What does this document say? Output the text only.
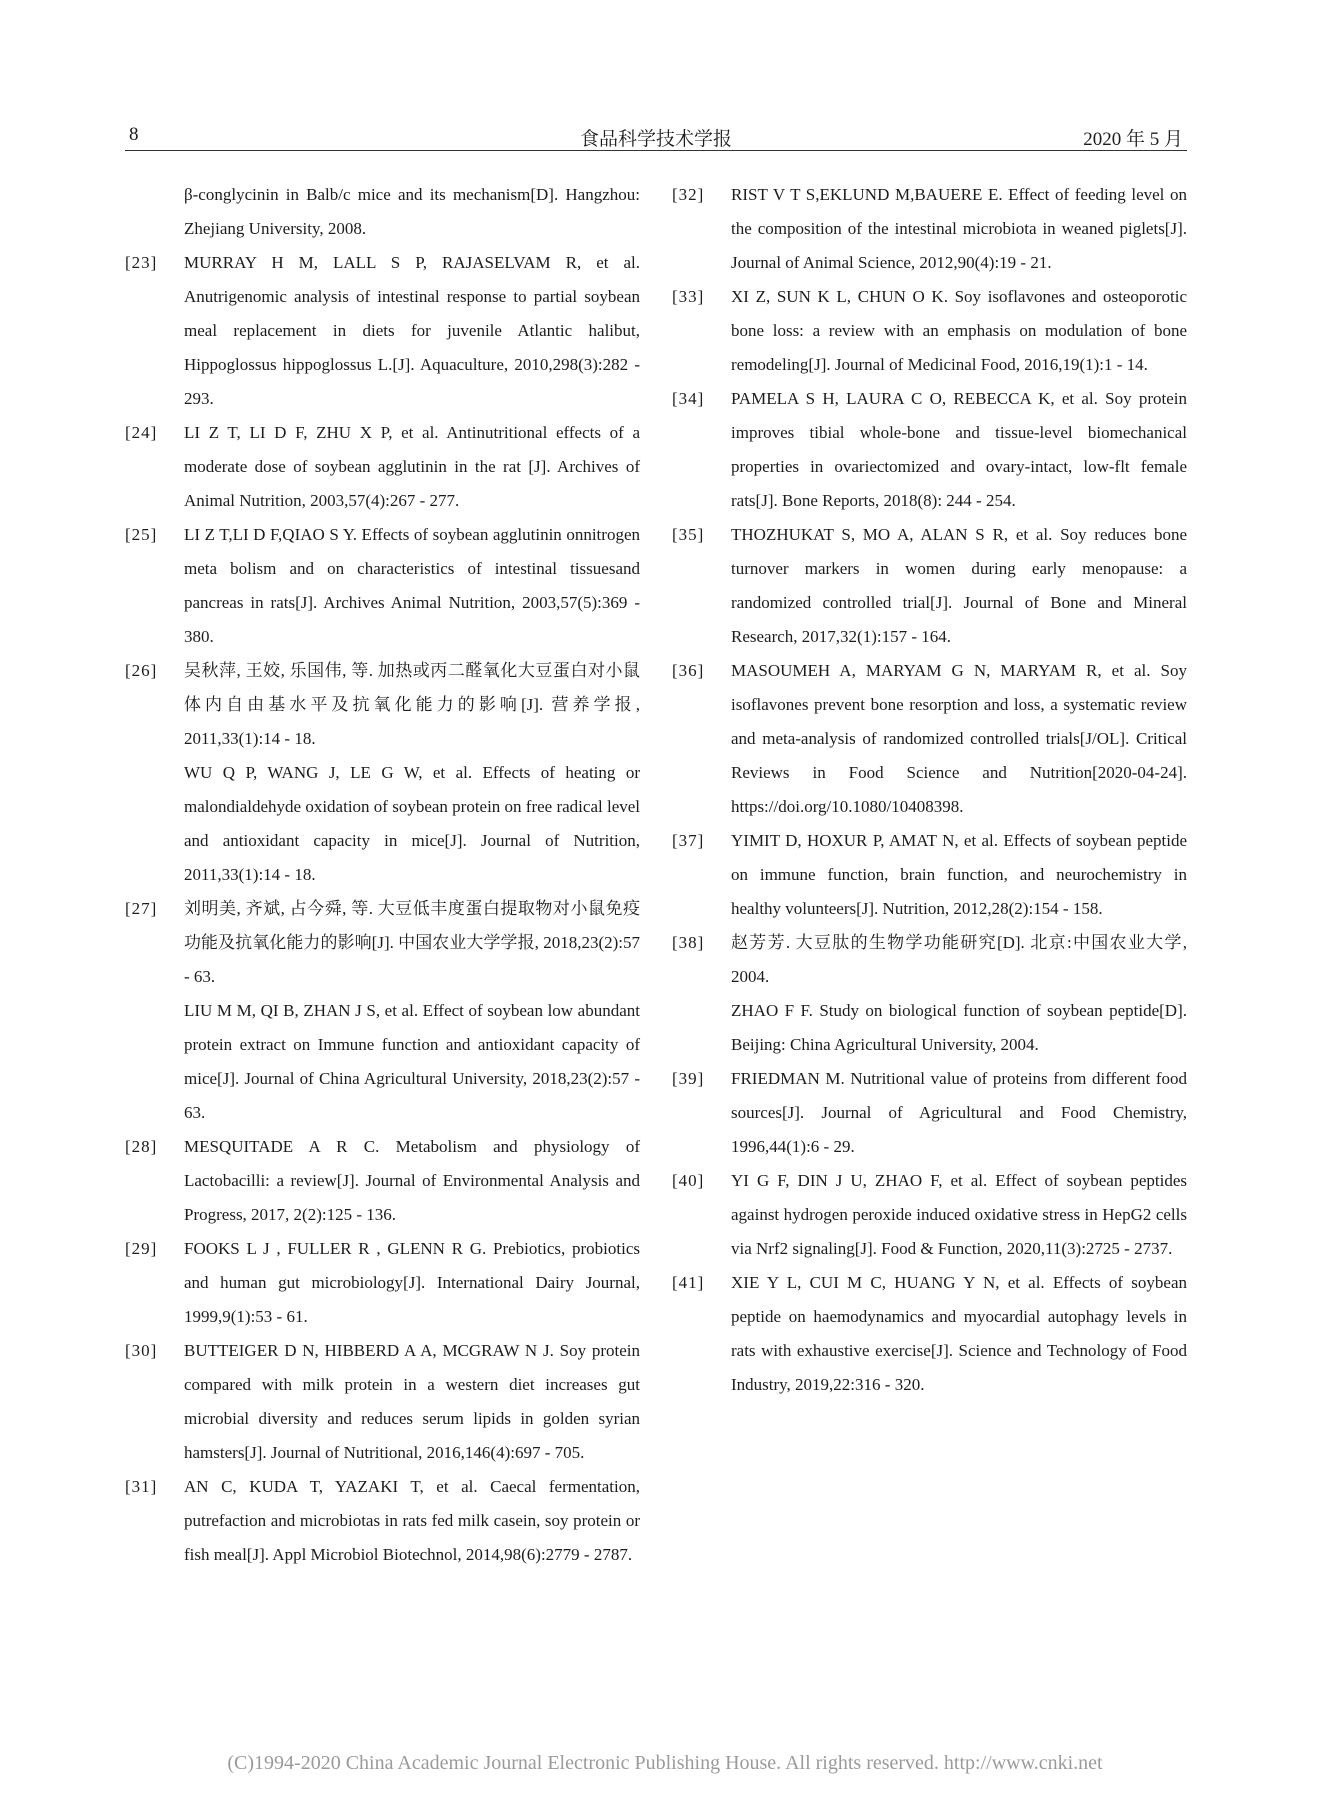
8	食品科学技术学报	2020 年 5 月
β-conglycinin in Balb/c mice and its mechanism[D]. Hangzhou: Zhejiang University, 2008.
[23]	MURRAY H M, LALL S P, RAJASELVAM R, et al. Anutrigenomic analysis of intestinal response to partial soybean meal replacement in diets for juvenile Atlantic halibut, Hippoglossus hippoglossus L.[J]. Aquaculture, 2010,298(3):282 - 293.
[24]	LI Z T, LI D F, ZHU X P, et al. Antinutritional effects of a moderate dose of soybean agglutinin in the rat [J]. Archives of Animal Nutrition, 2003,57(4):267 - 277.
[25]	LI Z T,LI D F,QIAO S Y. Effects of soybean agglutinin onnitrogen meta bolism and on characteristics of intestinal tissuesand pancreas in rats[J]. Archives Animal Nutrition, 2003,57(5):369 - 380.
[26]	吴秋萍, 王姣, 乐国伟, 等. 加热或丙二醛氧化大豆蛋白对小鼠体内自由基水平及抗氧化能力的影响[J]. 营养学报, 2011,33(1):14 - 18.
WU Q P, WANG J, LE G W, et al. Effects of heating or malondialdehyde oxidation of soybean protein on free radical level and antioxidant capacity in mice[J]. Journal of Nutrition, 2011,33(1):14 - 18.
[27]	刘明美, 齐斌, 占今舜, 等. 大豆低丰度蛋白提取物对小鼠免疫功能及抗氧化能力的影响[J]. 中国农业大学学报, 2018,23(2):57 - 63.
LIU M M, QI B, ZHAN J S, et al. Effect of soybean low abundant protein extract on Immune function and antioxidant capacity of mice[J]. Journal of China Agricultural University, 2018,23(2):57 - 63.
[28]	MESQUITADE A R C. Metabolism and physiology of Lactobacilli: a review[J]. Journal of Environmental Analysis and Progress, 2017, 2(2):125 - 136.
[29]	FOOKS L J , FULLER R , GLENN R G. Prebiotics, probiotics and human gut microbiology[J]. International Dairy Journal, 1999,9(1):53 - 61.
[30]	BUTTEIGER D N, HIBBERD A A, MCGRAW N J. Soy protein compared with milk protein in a western diet increases gut microbial diversity and reduces serum lipids in golden syrian hamsters[J]. Journal of Nutritional, 2016,146(4):697 - 705.
[31]	AN C, KUDA T, YAZAKI T, et al. Caecal fermentation, putrefaction and microbiotas in rats fed milk casein, soy protein or fish meal[J]. Appl Microbiol Biotechnol, 2014,98(6):2779 - 2787.
[32]	RIST V T S,EKLUND M,BAUERE E. Effect of feeding level on the composition of the intestinal microbiota in weaned piglets[J]. Journal of Animal Science, 2012,90(4):19 - 21.
[33]	XI Z, SUN K L, CHUN O K. Soy isoflavones and osteoporotic bone loss: a review with an emphasis on modulation of bone remodeling[J]. Journal of Medicinal Food, 2016,19(1):1 - 14.
[34]	PAMELA S H, LAURA C O, REBECCA K, et al. Soy protein improves tibial whole-bone and tissue-level biomechanical properties in ovariectomized and ovary-intact, low-flt female rats[J]. Bone Reports, 2018(8): 244 - 254.
[35]	THOZHUKAT S, MO A, ALAN S R, et al. Soy reduces bone turnover markers in women during early menopause: a randomized controlled trial[J]. Journal of Bone and Mineral Research, 2017,32(1):157 - 164.
[36]	MASOUMEH A, MARYAM G N, MARYAM R, et al. Soy isoflavones prevent bone resorption and loss, a systematic review and meta-analysis of randomized controlled trials[J/OL]. Critical Reviews in Food Science and Nutrition[2020-04-24]. https://doi.org/10.1080/10408398.
[37]	YIMIT D, HOXUR P, AMAT N, et al. Effects of soybean peptide on immune function, brain function, and neurochemistry in healthy volunteers[J]. Nutrition, 2012,28(2):154 - 158.
[38]	赵芳芳. 大豆肽的生物学功能研究[D]. 北京:中国农业大学, 2004.
ZHAO F F. Study on biological function of soybean peptide[D]. Beijing: China Agricultural University, 2004.
[39]	FRIEDMAN M. Nutritional value of proteins from different food sources[J]. Journal of Agricultural and Food Chemistry, 1996,44(1):6 - 29.
[40]	YI G F, DIN J U, ZHAO F, et al. Effect of soybean peptides against hydrogen peroxide induced oxidative stress in HepG2 cells via Nrf2 signaling[J]. Food & Function, 2020,11(3):2725 - 2737.
[41]	XIE Y L, CUI M C, HUANG Y N, et al. Effects of soybean peptide on haemodynamics and myocardial autophagy levels in rats with exhaustive exercise[J]. Science and Technology of Food Industry, 2019,22:316 - 320.
(C)1994-2020 China Academic Journal Electronic Publishing House. All rights reserved. http://www.cnki.net
